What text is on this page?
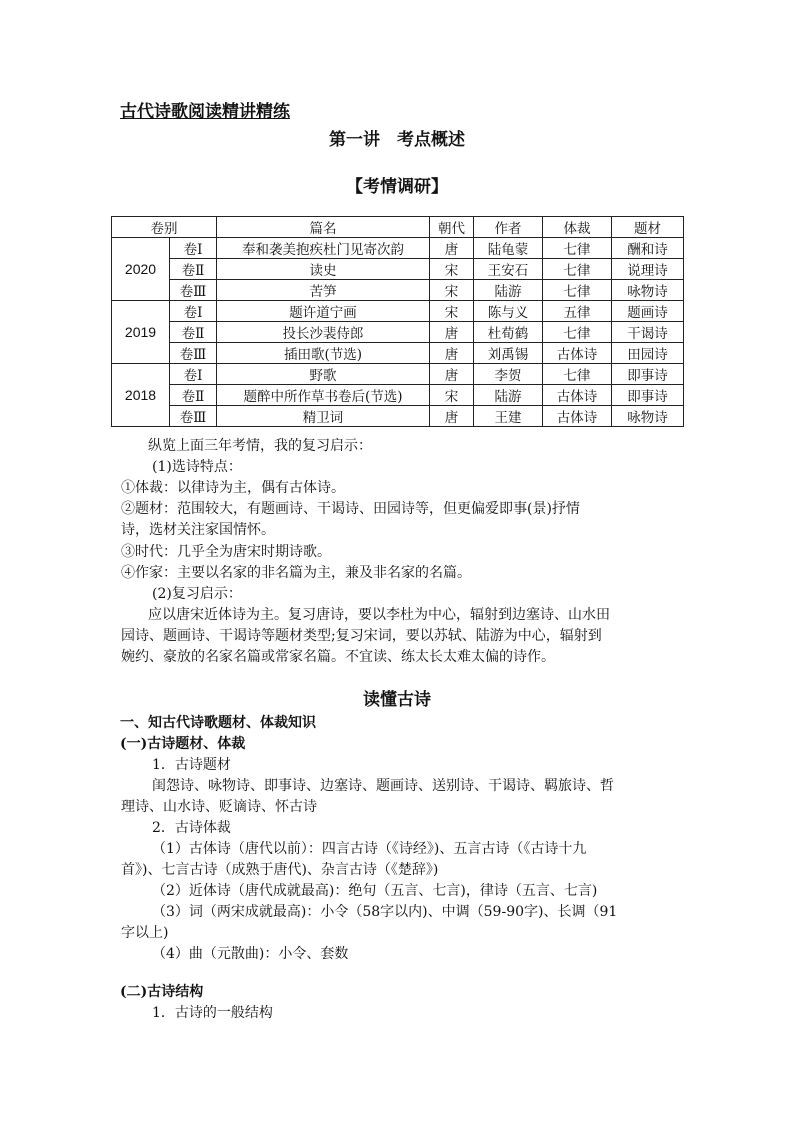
古代诗歌阅读精讲精练
第一讲　考点概述
【考情调研】
卷别		篇名	朝代	作者	体裁	题材
2020	卷Ⅰ	奉和袭美抱疾杜门见寄次韵	唐	陆龟蒙	七律	酬和诗
	卷Ⅱ	读史	宋	王安石	七律	说理诗
	卷Ⅲ	苦笋	宋	陆游	七律	咏物诗
2019	卷Ⅰ	题许道宁画	宋	陈与义	五律	题画诗
	卷Ⅱ	投长沙裴侍郎	唐	杜荀鹤	七律	干谒诗
	卷Ⅲ	插田歌(节选)	唐	刘禹锡	古体诗	田园诗
2018	卷Ⅰ	野歌	唐	李贺	七律	即事诗
	卷Ⅱ	题醉中所作草书卷后(节选)	宋	陆游	古体诗	即事诗
	卷Ⅲ	精卫词	唐	王建	古体诗	咏物诗
纵览上面三年考情，我的复习启示：
(1)选诗特点：
①体裁：以律诗为主，偶有古体诗。
②题材：范围较大，有题画诗、干谒诗、田园诗等，但更偏爱即事(景)抒情
诗，选材关注家国情怀。
③时代：几乎全为唐宋时期诗歌。
④作家：主要以名家的非名篇为主，兼及非名家的名篇。
(2)复习启示：
应以唐宋近体诗为主。复习唐诗，要以李杜为中心，辐射到边塞诗、山水田
园诗、题画诗、干谒诗等题材类型;复习宋词，要以苏轼、陆游为中心，辐射到
婉约、豪放的名家名篇或常家名篇。不宜读、练太长太难太偏的诗作。
读懂古诗
一、知古代诗歌题材、体裁知识
(一)古诗题材、体裁
1．古诗题材
闺怨诗、咏物诗、即事诗、边塞诗、题画诗、送别诗、干谒诗、羁旅诗、哲
理诗、山水诗、贬谪诗、怀古诗
2．古诗体裁
（1）古体诗（唐代以前）：四言古诗（《诗经》)、五言古诗（《古诗十九
首》)、七言古诗（成熟于唐代)、杂言古诗（《楚辞》)
（2）近体诗（唐代成就最高)：绝句（五言、七言)，律诗（五言、七言)
（3）词（两宋成就最高)：小令（58字以内)、中调（59-90字)、长调（91
字以上)
（4）曲（元散曲)：小令、套数
(二)古诗结构
1．古诗的一般结构
